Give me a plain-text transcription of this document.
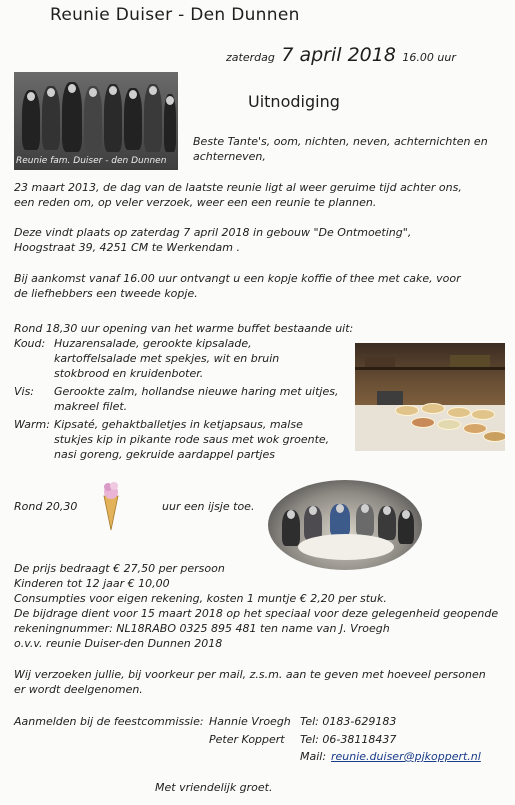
Reunie Duiser - Den Dunnen
zaterdag 7 april 2018 16.00 uur
Reunie fam. Duiser - den Dunnen
Uitnodiging
Beste Tante's, oom, nichten, neven, achternichten en
achterneven,
23 maart 2013, de dag van de laatste reunie ligt al weer geruime tijd achter ons,
een reden om, op veler verzoek, weer een een reunie te plannen.
Deze vindt plaats op zaterdag 7 april 2018 in gebouw "De Ontmoeting",
Hoogstraat 39, 4251 CM te Werkendam .
Bij aankomst vanaf 16.00 uur ontvangt u een kopje koffie of thee met cake, voor
de liefhebbers een tweede kopje.
Rond 18,30 uur opening van het warme buffet bestaande uit:
Koud: Huzarensalade, gerookte kipsalade,
kartoffelsalade met spekjes, wit en bruin
stokbrood en kruidenboter.
Vis: Gerookte zalm, hollandse nieuwe haring met uitjes,
makreel filet.
Warm: Kipsaté, gehaktballetjes in ketjapsaus, malse
stukjes kip in pikante rode saus met wok groente,
nasi goreng, gekruide aardappel partjes
Rond 20,30	uur een ijsje toe.
De prijs bedraagt € 27,50 per persoon
Kinderen tot 12 jaar € 10,00
Consumpties voor eigen rekening, kosten 1 muntje € 2,20 per stuk.
De bijdrage dient voor 15 maart 2018 op het speciaal voor deze gelegenheid geopende
rekeningnummer: NL18RABO 0325 895 481 ten name van J. Vroegh
o.v.v. reunie Duiser-den Dunnen 2018
Wij verzoeken jullie, bij voorkeur per mail, z.s.m. aan te geven met hoeveel personen
er wordt deelgenomen.
Aanmelden bij de feestcommissie: Hannie Vroegh Tel: 0183-629183
Peter Koppert Tel: 06-38118437
Mail: reunie.duiser@pjkoppert.nl
Met vriendelijk groet.
